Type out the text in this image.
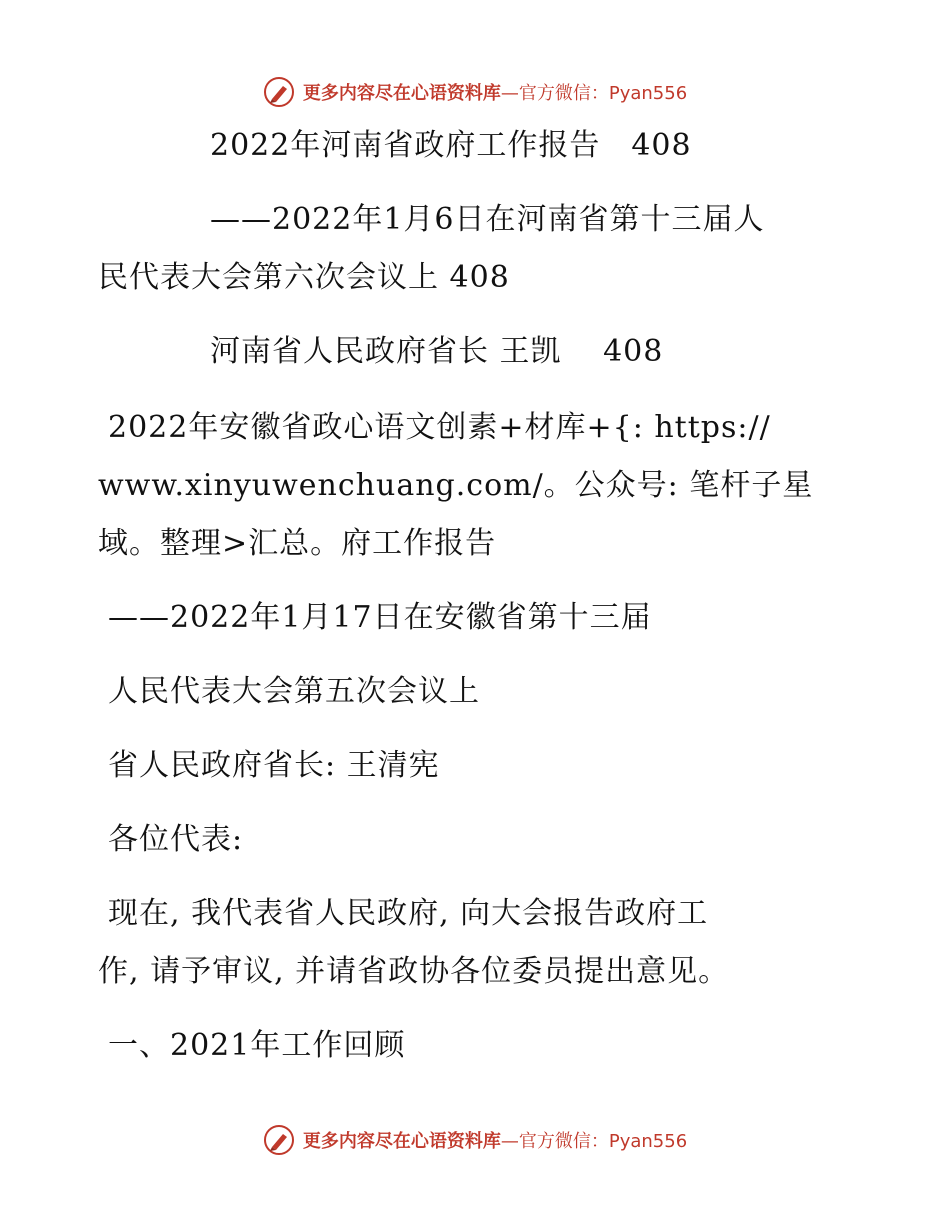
更多内容尽在心语资料库 —官方微信：Pyan556
2022年河南省政府工作报告　408
——2022年1月6日在河南省第十三届人
民代表大会第六次会议上 408
河南省人民政府省长 王凯　 408
2022年安徽省政心语文创素+材库+{: https://
www.xinyuwenchuang.com/。公众号: 笔杆子星
域。整理>汇总。府工作报告
——2022年1月17日在安徽省第十三届
人民代表大会第五次会议上
省人民政府省长: 王清宪
各位代表:
现在, 我代表省人民政府, 向大会报告政府工
作, 请予审议, 并请省政协各位委员提出意见。
一、2021年工作回顾
更多内容尽在心语资料库 —官方微信：Pyan556
